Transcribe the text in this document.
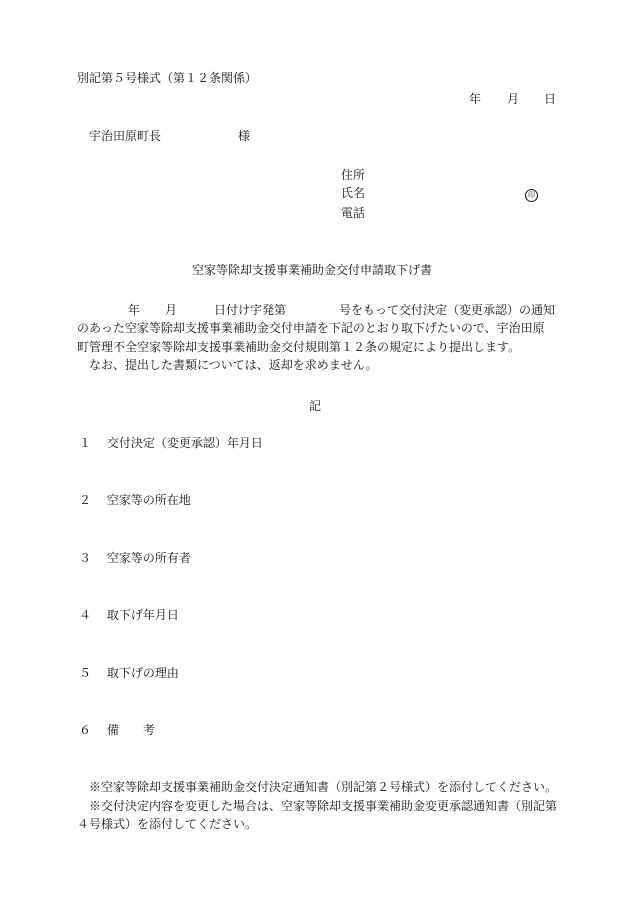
別記第５号様式（第１２条関係）
年 月 日
宇治田原町長	様
住所
氏名	印
電話
空家等除却支援事業補助金交付申請取下げ書
年 月	日付け宇発第	号をもって交付決定（変更承認）の通知
のあった空家等除却支援事業補助金交付申請を下記のとおり取下げたいので、宇治田原
町管理不全空家等除却支援事業補助金交付規則第１２条の規定により提出します。
なお、提出した書類については、返却を求めません。
記
１ 交付決定（変更承認）年月日
２ 空家等の所在地
３ 空家等の所有者
４ 取下げ年月日
５ 取下げの理由
６ 備　　考
※空家等除却支援事業補助金交付決定通知書（別記第２号様式）を添付してください。
※交付決定内容を変更した場合は、空家等除却支援事業補助金変更承認通知書（別記第４号様式）を添付してください。
